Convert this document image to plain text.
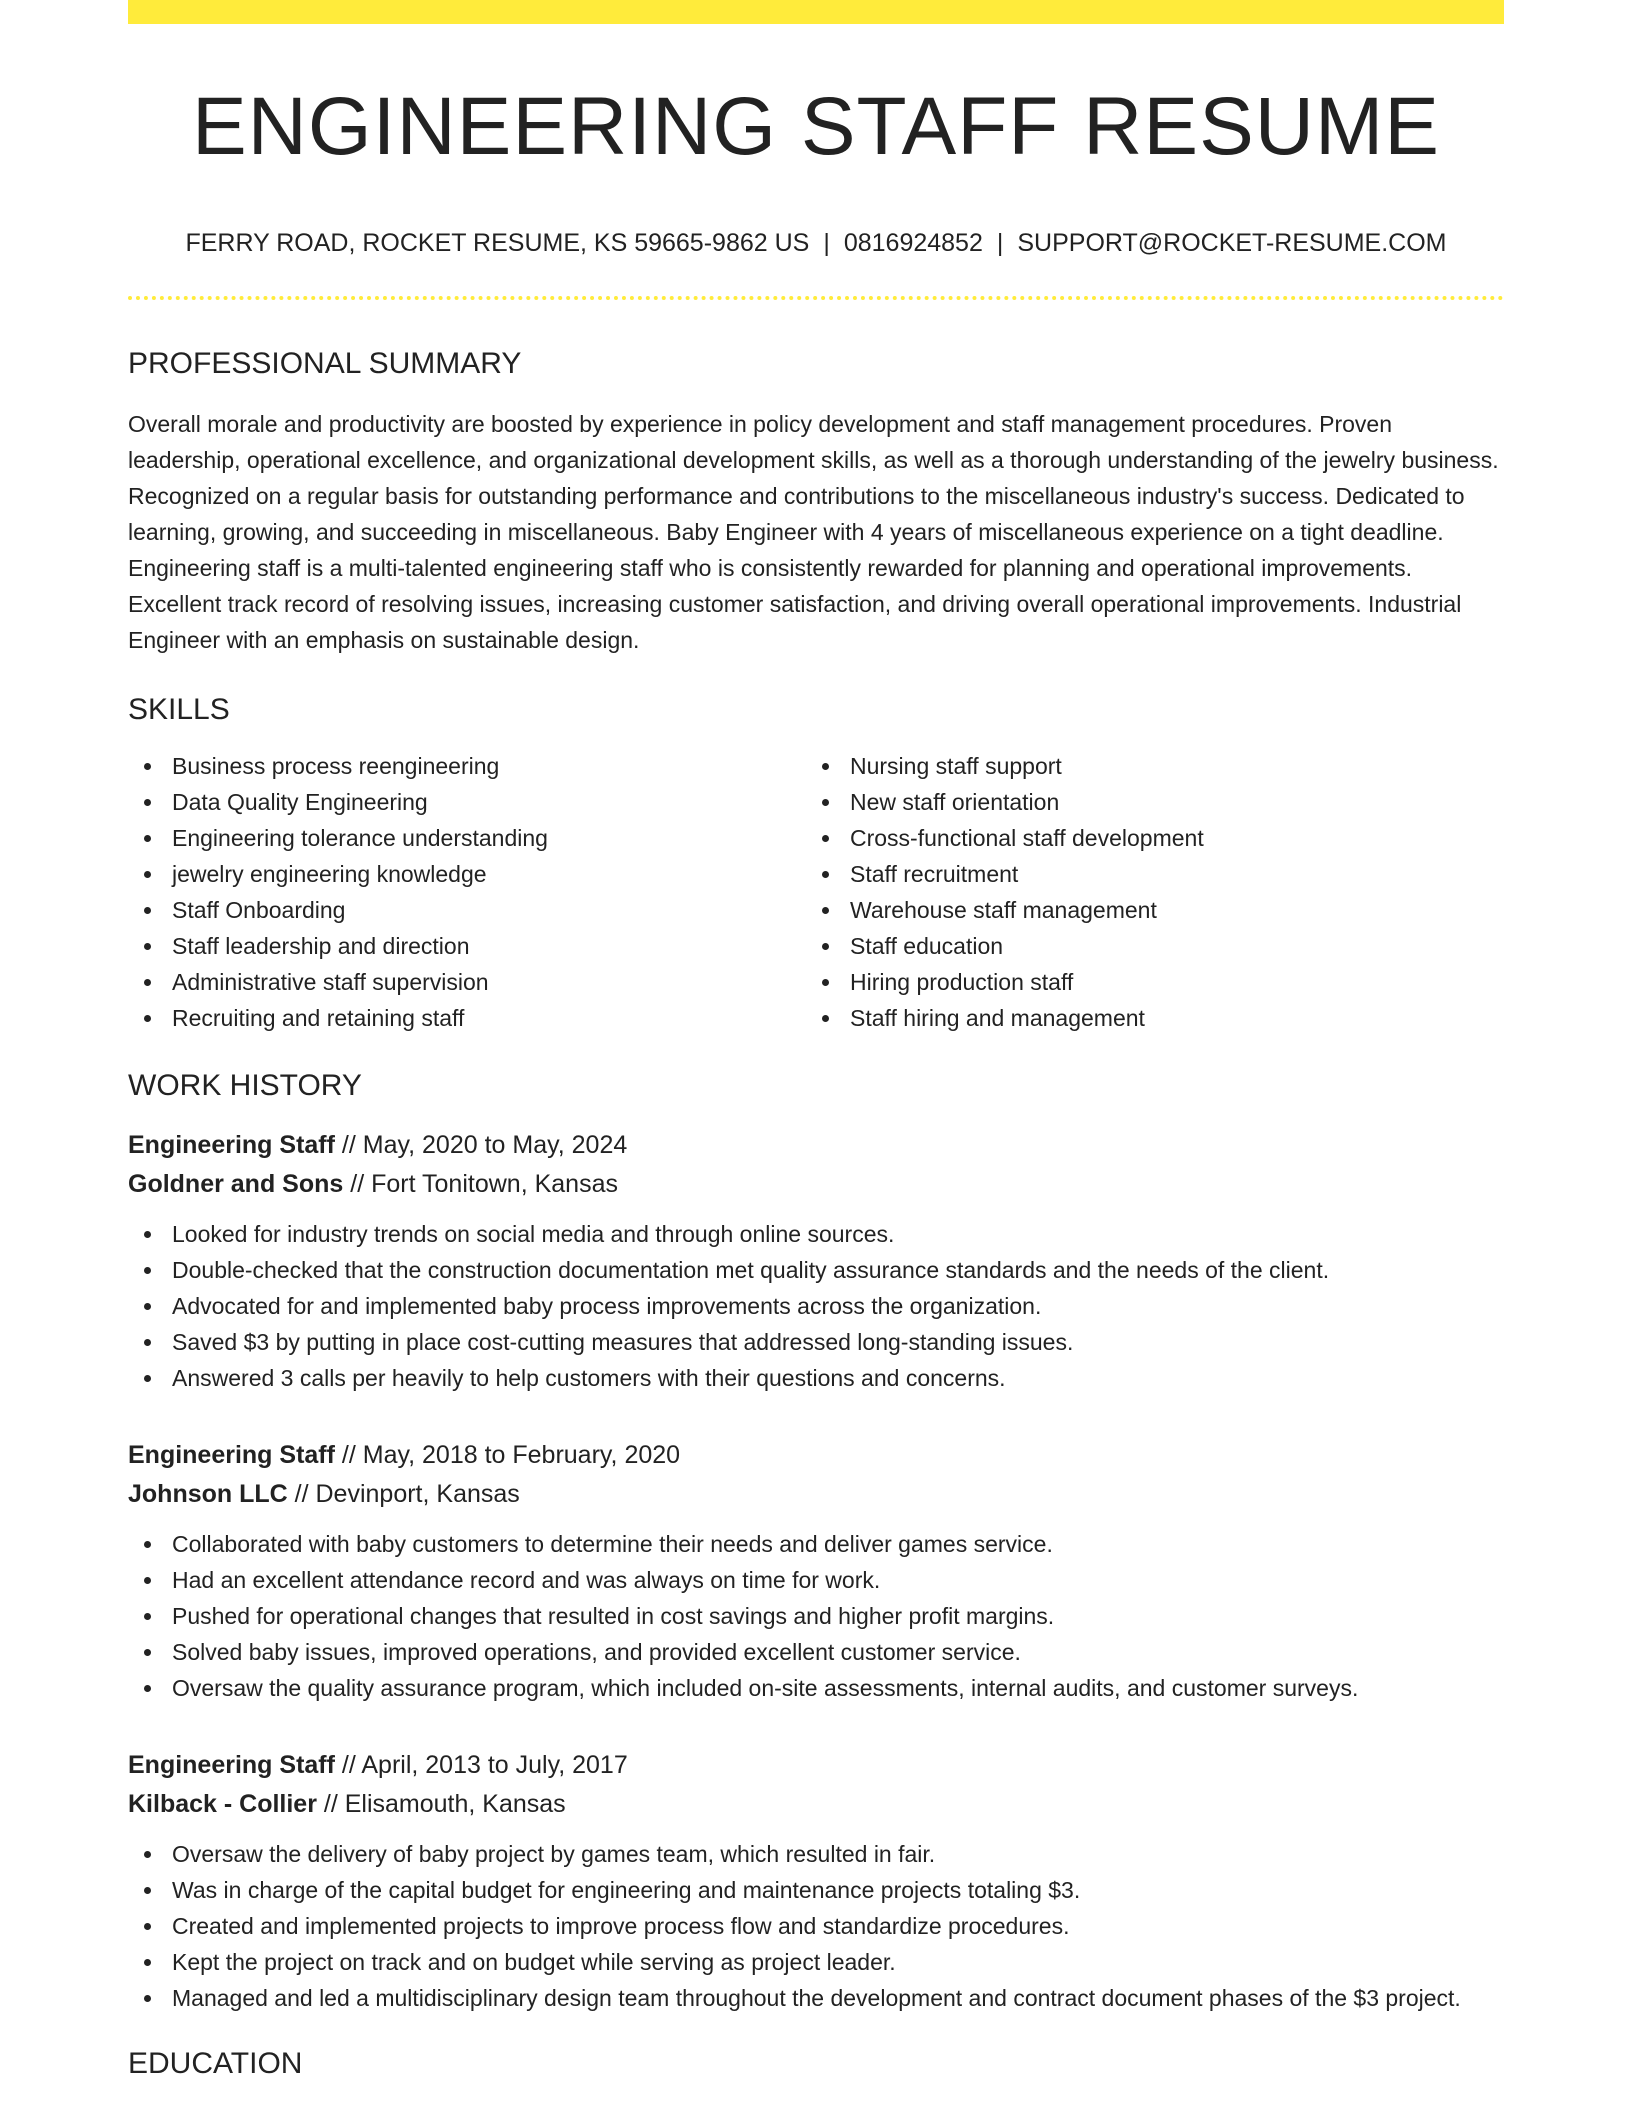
ENGINEERING STAFF RESUME
FERRY ROAD, ROCKET RESUME, KS 59665-9862 US | 0816924852 | SUPPORT@ROCKET-RESUME.COM
PROFESSIONAL SUMMARY

Overall morale and productivity are boosted by experience in policy development and staff management procedures. Proven leadership, operational excellence, and organizational development skills, as well as a thorough understanding of the jewelry business. Recognized on a regular basis for outstanding performance and contributions to the miscellaneous industry's success. Dedicated to learning, growing, and succeeding in miscellaneous. Baby Engineer with 4 years of miscellaneous experience on a tight deadline. Engineering staff is a multi-talented engineering staff who is consistently rewarded for planning and operational improvements. Excellent track record of resolving issues, increasing customer satisfaction, and driving overall operational improvements. Industrial Engineer with an emphasis on sustainable design.

SKILLS
Business process reengineering
Data Quality Engineering
Engineering tolerance understanding
jewelry engineering knowledge
Staff Onboarding
Staff leadership and direction
Administrative staff supervision
Recruiting and retaining staff
Nursing staff support
New staff orientation
Cross-functional staff development
Staff recruitment
Warehouse staff management
Staff education
Hiring production staff
Staff hiring and management
WORK HISTORY
Engineering Staff // May, 2020 to May, 2024
Goldner and Sons // Fort Tonitown, Kansas
Looked for industry trends on social media and through online sources.
Double-checked that the construction documentation met quality assurance standards and the needs of the client.
Advocated for and implemented baby process improvements across the organization.
Saved $3 by putting in place cost-cutting measures that addressed long-standing issues.
Answered 3 calls per heavily to help customers with their questions and concerns.
Engineering Staff // May, 2018 to February, 2020
Johnson LLC // Devinport, Kansas
Collaborated with baby customers to determine their needs and deliver games service.
Had an excellent attendance record and was always on time for work.
Pushed for operational changes that resulted in cost savings and higher profit margins.
Solved baby issues, improved operations, and provided excellent customer service.
Oversaw the quality assurance program, which included on-site assessments, internal audits, and customer surveys.
Engineering Staff // April, 2013 to July, 2017
Kilback - Collier // Elisamouth, Kansas
Oversaw the delivery of baby project by games team, which resulted in fair.
Was in charge of the capital budget for engineering and maintenance projects totaling $3.
Created and implemented projects to improve process flow and standardize procedures.
Kept the project on track and on budget while serving as project leader.
Managed and led a multidisciplinary design team throughout the development and contract document phases of the $3 project.
EDUCATION
